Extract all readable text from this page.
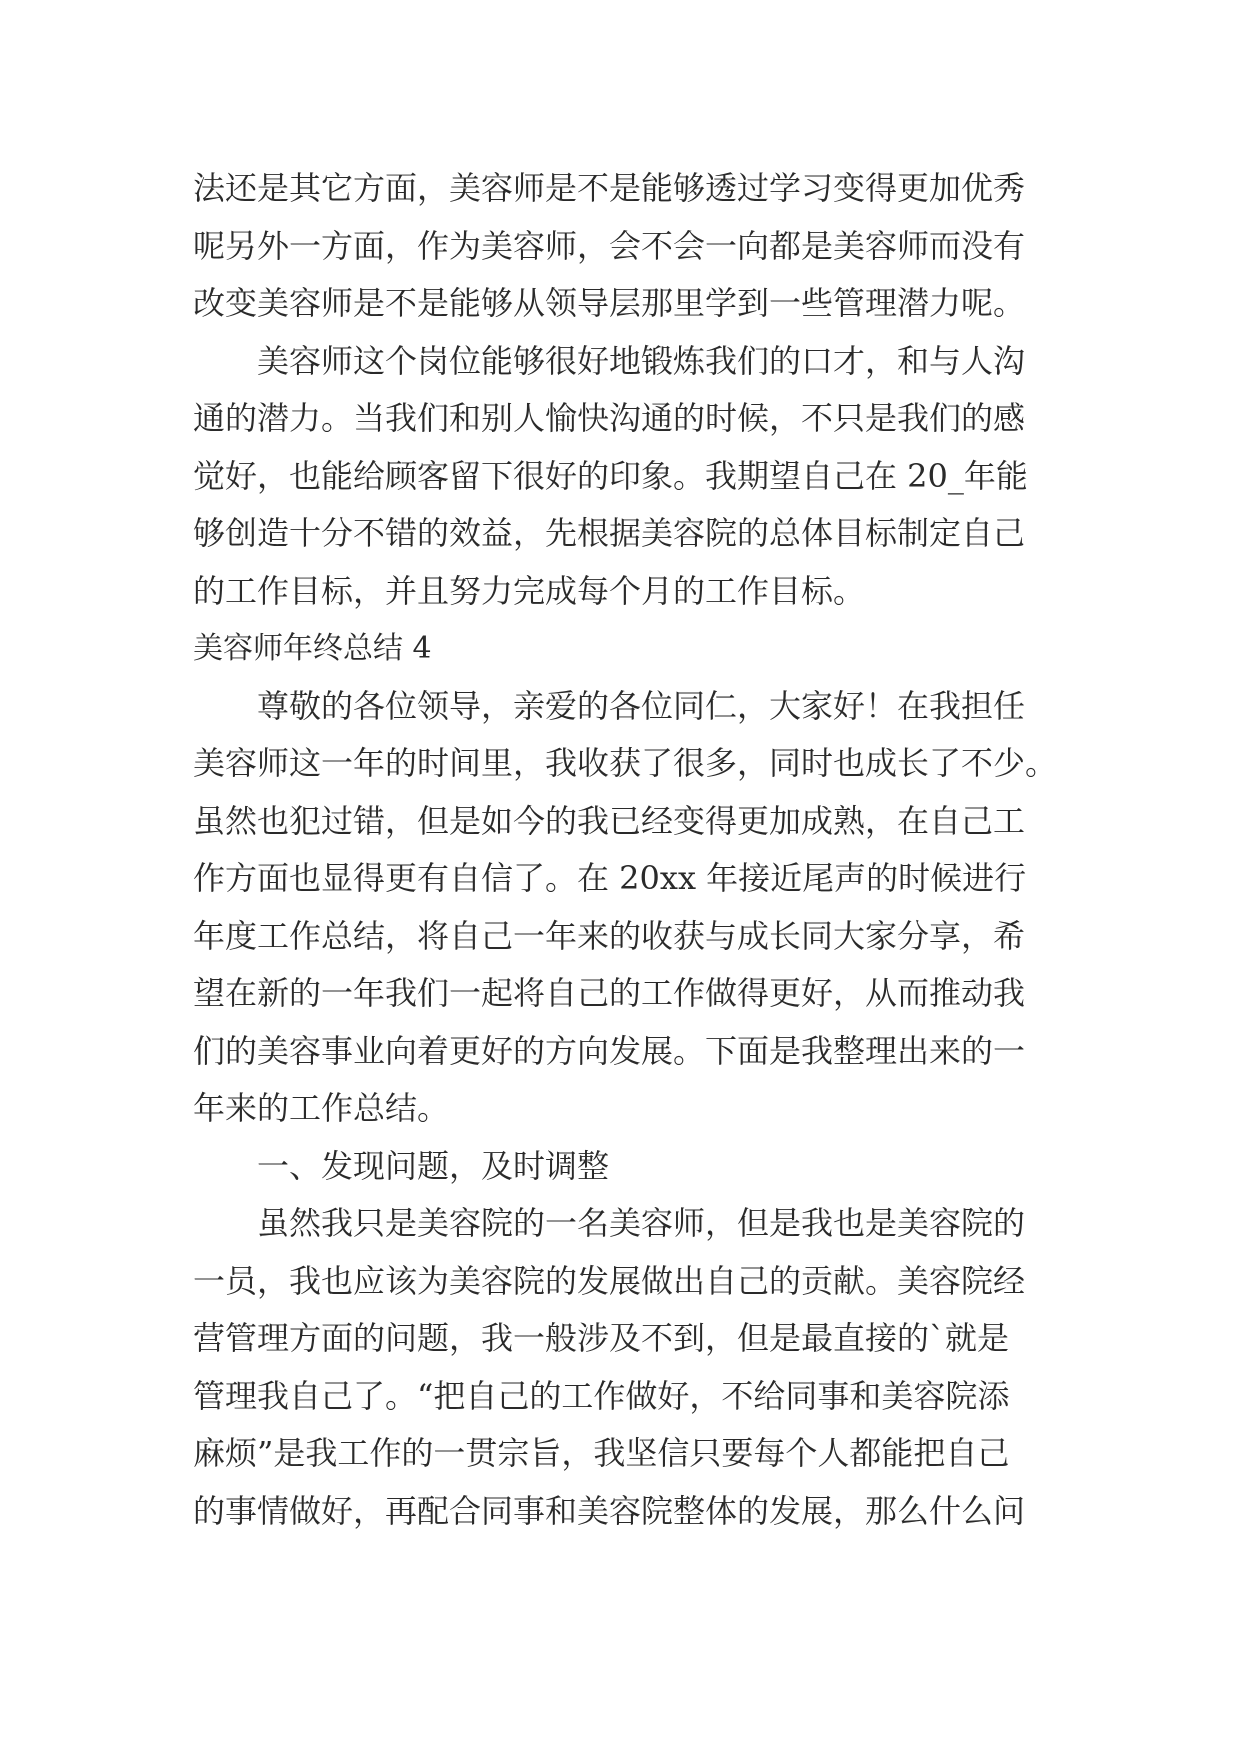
法还是其它方面，美容师是不是能够透过学习变得更加优秀
呢另外一方面，作为美容师，会不会一向都是美容师而没有
改变美容师是不是能够从领导层那里学到一些管理潜力呢。
美容师这个岗位能够很好地锻炼我们的口才，和与人沟
通的潜力。当我们和别人愉快沟通的时候，不只是我们的感
觉好，也能给顾客留下很好的印象。我期望自己在 20_年能
够创造十分不错的效益，先根据美容院的总体目标制定自己
的工作目标，并且努力完成每个月的工作目标。
美容师年终总结 4
尊敬的各位领导，亲爱的各位同仁，大家好！在我担任
美容师这一年的时间里，我收获了很多，同时也成长了不少。
虽然也犯过错，但是如今的我已经变得更加成熟，在自己工
作方面也显得更有自信了。在 20xx 年接近尾声的时候进行
年度工作总结，将自己一年来的收获与成长同大家分享，希
望在新的一年我们一起将自己的工作做得更好，从而推动我
们的美容事业向着更好的方向发展。下面是我整理出来的一
年来的工作总结。
一、发现问题，及时调整
虽然我只是美容院的一名美容师，但是我也是美容院的
一员，我也应该为美容院的发展做出自己的贡献。美容院经
营管理方面的问题，我一般涉及不到，但是最直接的`就是
管理我自己了。“把自己的工作做好，不给同事和美容院添
麻烦”是我工作的一贯宗旨，我坚信只要每个人都能把自己
的事情做好，再配合同事和美容院整体的发展，那么什么问
